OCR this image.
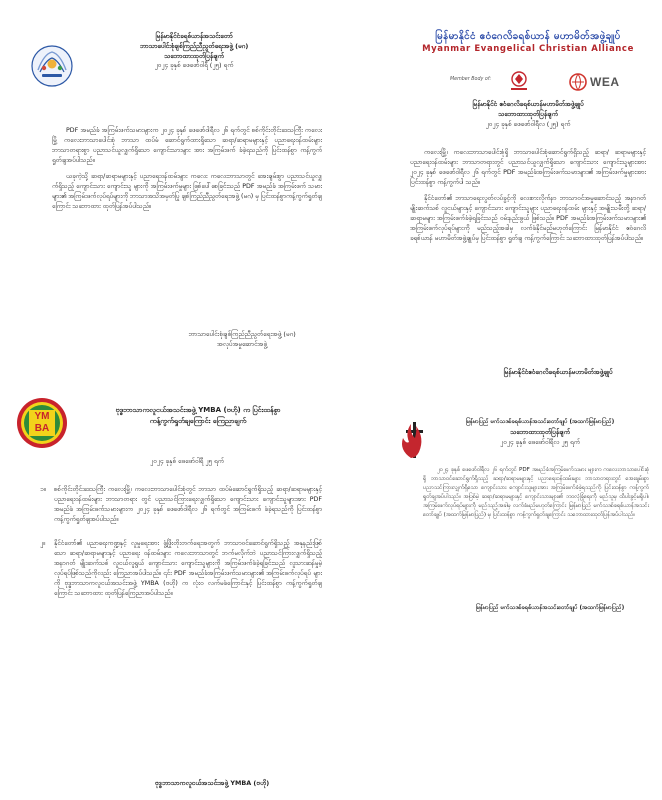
မြန်မာနိုင်ငံခရစ်ယာန်အသင်းတော်

ဘာသာပေါင်းစုံချစ်ကြည်ညီညွတ်ရေးအဖွဲ့ (မဂ)

သဘောထားထုတ်ပြန်ချက်

၂၀၂၄ ခုနှစ် ဖေဖော်ဝါရီ (၂၅) ရက်

PDF အမည်ခံ အကြမ်းဖက်သမားများက ၂၀၂၄ ခုနှစ် ဖေဖော်ဝါရီလ ၂၆ ရက်တွင် စစ်ကိုင်းတိုင်းဒေသကြီး ကလေးမြို့ ကလေးဘာသာပေါင်းစုံ ဘာသာ ထပ်မံ ဆောင်ရွက်ထားရှိသော ဆရာ/ဆရာမများနှင့် ပညာရေးဝန်ထမ်းများ ဘာသာတရားစွာ ပညာသင်ယူလျှက်ရှိသော ကျောင်းသားများ အား အကြမ်းဖက် ခံခဲ့ရသည်ကို ပြင်းထန်စွာ ကန့်ကွက်ရှုတ်ချအပ်ပါသည်။

ယခုကဲ့သို့ ဆရာ/ဆရာမများနှင့် ပညာရေးဝန်ထမ်းများ ကလေး ကလေးဘာသာတွင် အေးချမ်းစွာ ပညာသင်ယူလျှက်ရှိသည့် ကျောင်းသား ကျောင်းသူ များကို အကြမ်းဖက်မှုများ ဖြစ်ပေါ်စေခြင်းသည် PDF အမည်ခံ အကြမ်းဖက် သမားများ၏ အကြမ်းဖက်လုပ်ရပ်များကို ဘာသာအသိအမှတ်ပြု ချစ်ကြည်ညီညွတ်ရေးအဖွဲ့ (မဂ) မှ ပြင်းထန်စွာကန့်ကွက်ရှုတ်ချကြောင်း သဘောထား ထုတ်ပြန်အပ်ပါသည်။

ဘာသာပေါင်းစုံချစ်ကြည်ညီညွတ်ရေးအဖွဲ့ (မဂ)

အလုပ်အမှုဆောင်အဖွဲ့

မြန်မာနိုင်ငံ ဧဝံဂေလိခရစ်ယာန် မဟာမိတ်အဖွဲ့ချုပ်
Myanmar Evangelical Christian Alliance
Member Body of:	WEA

မြန်မာနိုင်ငံ ဧဝံဂေလိခရစ်ယာန်မဟာမိတ်အဖွဲ့ချုပ်

သဘောထားထုတ်ပြန်ချက်

၂၀၂၄ ခုနှစ် ဖေဖော်ဝါရီလ (၂၅) ရက်

ကလေးမြို့၊ ကလေးဘာသာပေါင်းစုံရှိ ဘာသာပေါင်းစုံဆောင်ရွက်ရှိသည့် ဆရာ/ ဆရာမများနှင့် ပညာရေးဝန်ထမ်းများ ဘာသာတရားတွင် ပညာသင်ယူလျှက်ရှိသော ကျောင်းသား ကျောင်းသူများအား ၂၀၂၄ ခုနှစ် ဖေဖော်ဝါရီလ ၂၆ ရက်တွင် PDF အမည်ခံအကြမ်းဖက်သမားများ၏ အကြမ်းဖက်မှုများအား ပြင်းထန်စွာ ကန့်ကွက်ပါ သည်။

နိုင်ငံတော်၏ ဘာသာရေးလွတ်လပ်ခွင့်ကို လေးစားလိုက်နာ ဘာသာဝင်အမှုဆောင်သည့် အနာဂတ် မျိုးဆက်သစ် လူငယ်များနှင့် ကျောင်းသား ကျောင်းသူများ ပညာရေးဝန်ထမ်း များနှင့် အမျိုးသမီးတို့ ဆရာ/ဆရာမများ အကြမ်းဖက်ခံခဲ့ရခြင်းသည် ဝမ်းနည်းဖွယ် ဖြစ်သည်။ PDF အမည်ခံအကြမ်းဖက်သမားများ၏ အကြမ်းဖက်လုပ်ရပ်များကို မည်သည့်အခါမှ လက်ခံနိုင်မည်မဟုတ်ကြောင်း မြန်မာနိုင်ငံ ဧဝံဂေလိခရစ်ယာန် မဟာမိတ်အဖွဲ့ချုပ်မှ ပြင်းထန်စွာ ရှုတ်ချ ကန့်ကွက်ကြောင်း သဘောထားထုတ်ပြန်အပ်ပါသည်။

မြန်မာနိုင်ငံဧဝံဂေလိခရစ်ယာန်မဟာမိတ်အဖွဲ့ချုပ်

YM
BA

ဗုဒ္ဓဘာသာကလူငယ်အသင်းအဖွဲ့ YMBA (ဗဟို) က ပြင်းထန်စွာ

ကန့်ကွက်ရှုတ်ချကြောင်း ကြေညာချက်

၂၀၂၄ ခုနှစ် ဖေဖော်ဝါရီ ၂၅ ရက်

၁။ စစ်ကိုင်းတိုင်းဒေသကြီး ကလေးမြို့၊ ကလေးဘာသာပေါင်းစုံတွင် ဘာသာ ထပ်မံဆောင်ရွက်ရှိသည့် ဆရာ/ဆရာမများနှင့် ပညာရေးဝန်ထမ်းများ ဘာသာတရား တွင် ပညာသင်ကြားရေးလျှက်ရှိသော ကျောင်းသား ကျောင်းသူများအား PDF အမည်ခံ အကြမ်းဖက်သမားများက ၂၀၂၄ ခုနှစ် ဖေဖော်ဝါရီလ ၂၆ ရက်တွင် အကြမ်းဖက် ခံခဲ့ရသည်ကို ပြင်းထန်စွာ ကန့်ကွက်ရှုတ်ချအပ်ပါသည်။

၂။ နိုင်ငံတော်၏ ပညာရေးကဏ္ဍနှင့် လူမှုရေးအား ဖွံ့ဖြိုးတိုးတက်ရေးအတွက် ဘာသာဝင်ဆောင်ရွက်ရှိသည့် အနုနည်းဖြစ်သော ဆရာ/ဆရာမများနှင့် ပညာရေး ဝန်ထမ်းများ ကလေးဘာသာတွင် ဘက်မလိုက်ဘဲ ပညာသင်ကြားလျှက်ရှိသည့် အနာဂတ် မျိုးဆက်သစ် လူငယ်လူရွယ် ကျောင်းသား ကျောင်းသူများကို အကြမ်းဖက်ခံခဲ့ရခြင်းသည် လူသားဆန်မှုမဲ့ လုပ်ရပ်ဖြစ်သည်ကိုလည်း ကြေညာအပ်ပါသည်။ ၎င်း PDF အမည်ခံအကြမ်းဖက်သမားများ၏ အကြမ်းဖက်လုပ်ရပ် များကို ဗုဒ္ဓဘာသာကလူငယ်အသင်းအဖွဲ့ YMBA (ဗဟို) က လုံးဝ လက်မခံကြောင်းနှင့် ပြင်းထန်စွာ ကန့်ကွက်ရှုတ်ချကြောင်း သဘောထား ထုတ်ပြန်ကြေညာအပ်ပါသည်။

ဗုဒ္ဓဘာသာကလူငယ်အသင်းအဖွဲ့ YMBA (ဗဟို)

မြန်မာပြည် မက်သဒစ်ခရစ်ယာန်အသင်းတော်ချုပ် (အထက်မြန်မာပြည်)

သဘောထားထုတ်ပြန်ချက်

၂၀၂၄ ခုနှစ် ဖေဖော်ဝါရီလ ၂၅ ရက်

၂၀၂၄ ခုနှစ် ဖေဖော်ဝါရီလ ၂၆ ရက်တွင် PDF အမည်ခံအကြမ်းဖက်သမား များက ကလေးဘာသာပေါင်းစုံရှိ ဘာသာဝင်ဆောင်ရွက်ရှိသည့် ဆရာ/ဆရာမများနှင့် ပညာရေးဝန်ထမ်းများ ဘာသာတရားတွင် အေးချမ်းစွာ ပညာသင်ကြားလျှက်ရှိသော ကျောင်းသား ကျောင်းသူများအား အကြမ်းဖက်ခံခဲ့ရသည်ကို ပြင်းထန်စွာ ကန့်ကွက်ရှုတ်ချအပ်ပါသည်။ အပြစ်မဲ့ ဆရာ/ဆရာမများနှင့် ကျောင်းသားများ၏ ဘဝလုံခြုံရေးကို မည်သူမှ ထိပါးခွင့်မရှိပါ။ အကြမ်းဖက်လုပ်ရပ်များကို မည်သည့်အခါမှ လက်ခံမည်မဟုတ်ကြောင်း မြန်မာပြည် မက်သဒစ်ခရစ်ယာန်အသင်းတော်ချုပ် (အထက်မြန်မာပြည်) မှ ပြင်းထန်စွာ ကန့်ကွက်ရှုတ်ချကြောင်း သဘောထားထုတ်ပြန်အပ်ပါသည်။

မြန်မာပြည် မက်သဒစ်ခရစ်ယာန်အသင်းတော်ချုပ် (အထက်မြန်မာပြည်)
